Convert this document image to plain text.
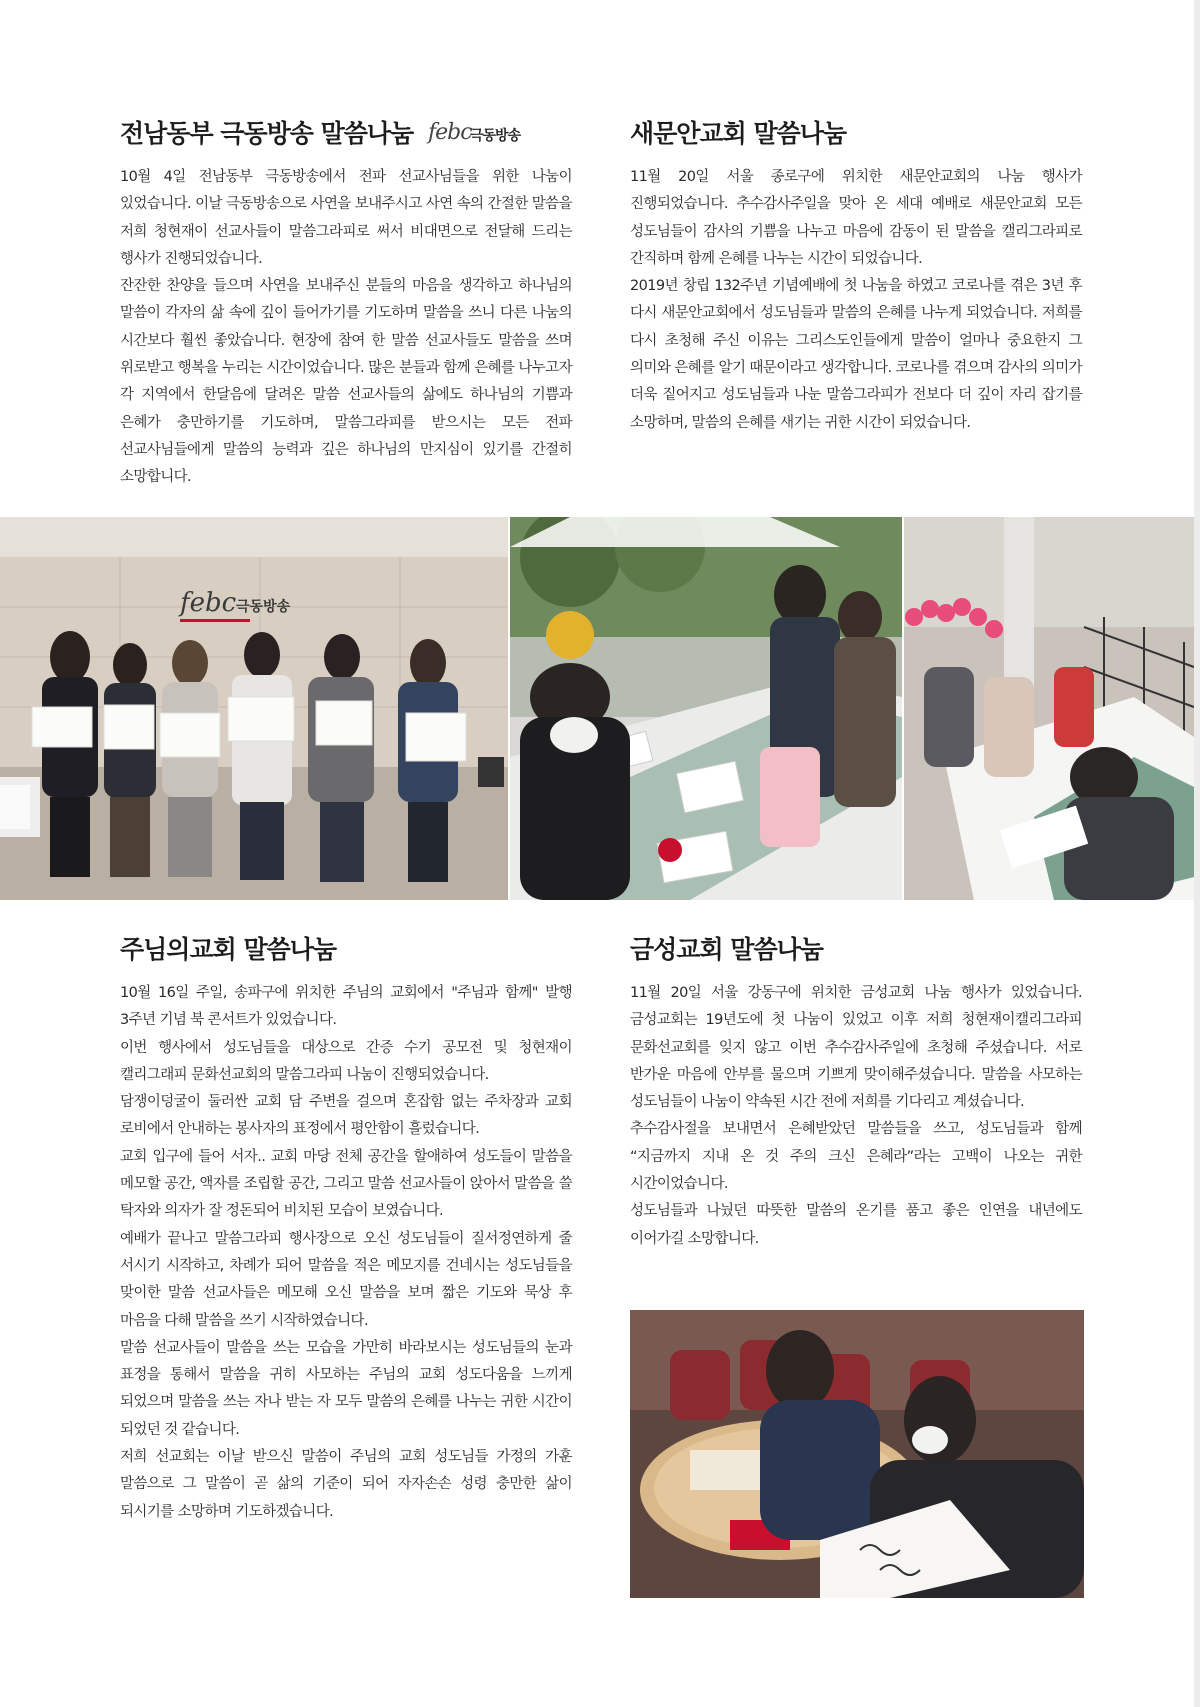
전남동부 극동방송 말씀나눔 febc
극동방송

10월 4일 전남동부 극동방송에서 전파 선교사님들을 위한 나눔이 있었습니다. 이날 극동방송으로 사연을 보내주시고 사연 속의 간절한 말씀을 저희 청현재이 선교사들이 말씀그라피로 써서 비대면으로 전달해 드리는 행사가 진행되었습니다.

잔잔한 찬양을 들으며 사연을 보내주신 분들의 마음을 생각하고 하나님의 말씀이 각자의 삶 속에 깊이 들어가기를 기도하며 말씀을 쓰니 다른 나눔의 시간보다 훨씬 좋았습니다. 현장에 참여 한 말씀 선교사들도 말씀을 쓰며 위로받고 행복을 누리는 시간이었습니다. 많은 분들과 함께 은혜를 나누고자 각 지역에서 한달음에 달려온 말씀 선교사들의 삶에도 하나님의 기쁨과 은혜가 충만하기를 기도하며, 말씀그라피를 받으시는 모든 전파 선교사님들에게 말씀의 능력과 깊은 하나님의 만지심이 있기를 간절히 소망합니다.

새문안교회 말씀나눔

11월 20일 서울 종로구에 위치한 새문안교회의 나눔 행사가 진행되었습니다. 추수감사주일을 맞아 온 세대 예배로 새문안교회 모든 성도님들이 감사의 기쁨을 나누고 마음에 감동이 된 말씀을 캘리그라피로 간직하며 함께 은혜를 나누는 시간이 되었습니다.

2019년 창립 132주년 기념예배에 첫 나눔을 하였고 코로나를 겪은 3년 후 다시 새문안교회에서 성도님들과 말씀의 은혜를 나누게 되었습니다. 저희를 다시 초청해 주신 이유는 그리스도인들에게 말씀이 얼마나 중요한지 그 의미와 은혜를 알기 때문이라고 생각합니다. 코로나를 겪으며 감사의 의미가 더욱 짙어지고 성도님들과 나눈 말씀그라피가 전보다 더 깊이 자리 잡기를 소망하며, 말씀의 은혜를 새기는 귀한 시간이 되었습니다.

febc 극동방송
주님의교회 말씀나눔

10월 16일 주일, 송파구에 위치한 주님의 교회에서 "주님과 함께" 발행 3주년 기념 북 콘서트가 있었습니다.

이번 행사에서 성도님들을 대상으로 간증 수기 공모전 및 청현재이 캘리그래피 문화선교회의 말씀그라피 나눔이 진행되었습니다.

담쟁이덩굴이 둘러싼 교회 담 주변을 걸으며 혼잡함 없는 주차장과 교회 로비에서 안내하는 봉사자의 표정에서 평안함이 흘렀습니다.

교회 입구에 들어 서자.. 교회 마당 전체 공간을 할애하여 성도들이 말씀을 메모할 공간, 액자를 조립할 공간, 그리고 말씀 선교사들이 앉아서 말씀을 쓸 탁자와 의자가 잘 정돈되어 비치된 모습이 보였습니다.

예배가 끝나고 말씀그라피 행사장으로 오신 성도님들이 질서정연하게 줄 서시기 시작하고, 차례가 되어 말씀을 적은 메모지를 건네시는 성도님들을 맞이한 말씀 선교사들은 메모해 오신 말씀을 보며 짧은 기도와 묵상 후 마음을 다해 말씀을 쓰기 시작하였습니다.

말씀 선교사들이 말씀을 쓰는 모습을 가만히 바라보시는 성도님들의 눈과 표정을 통해서 말씀을 귀히 사모하는 주님의 교회 성도다움을 느끼게 되었으며 말씀을 쓰는 자나 받는 자 모두 말씀의 은혜를 나누는 귀한 시간이 되었던 것 같습니다.

저희 선교회는 이날 받으신 말씀이 주님의 교회 성도님들 가정의 가훈 말씀으로 그 말씀이 곧 삶의 기준이 되어 자자손손 성령 충만한 삶이 되시기를 소망하며 기도하겠습니다.

금성교회 말씀나눔

11월 20일 서울 강동구에 위치한 금성교회 나눔 행사가 있었습니다. 금성교회는 19년도에 첫 나눔이 있었고 이후 저희 청현재이캘리그라피 문화선교회를 잊지 않고 이번 추수감사주일에 초청해 주셨습니다. 서로 반가운 마음에 안부를 물으며 기쁘게 맞이해주셨습니다. 말씀을 사모하는 성도님들이 나눔이 약속된 시간 전에 저희를 기다리고 계셨습니다.

추수감사절을 보내면서 은혜받았던 말씀들을 쓰고, 성도님들과 함께 “지금까지 지내 온 것 주의 크신 은혜라”라는 고백이 나오는 귀한 시간이었습니다.

성도님들과 나눴던 따뜻한 말씀의 온기를 품고 좋은 인연을 내년에도 이어가길 소망합니다.
